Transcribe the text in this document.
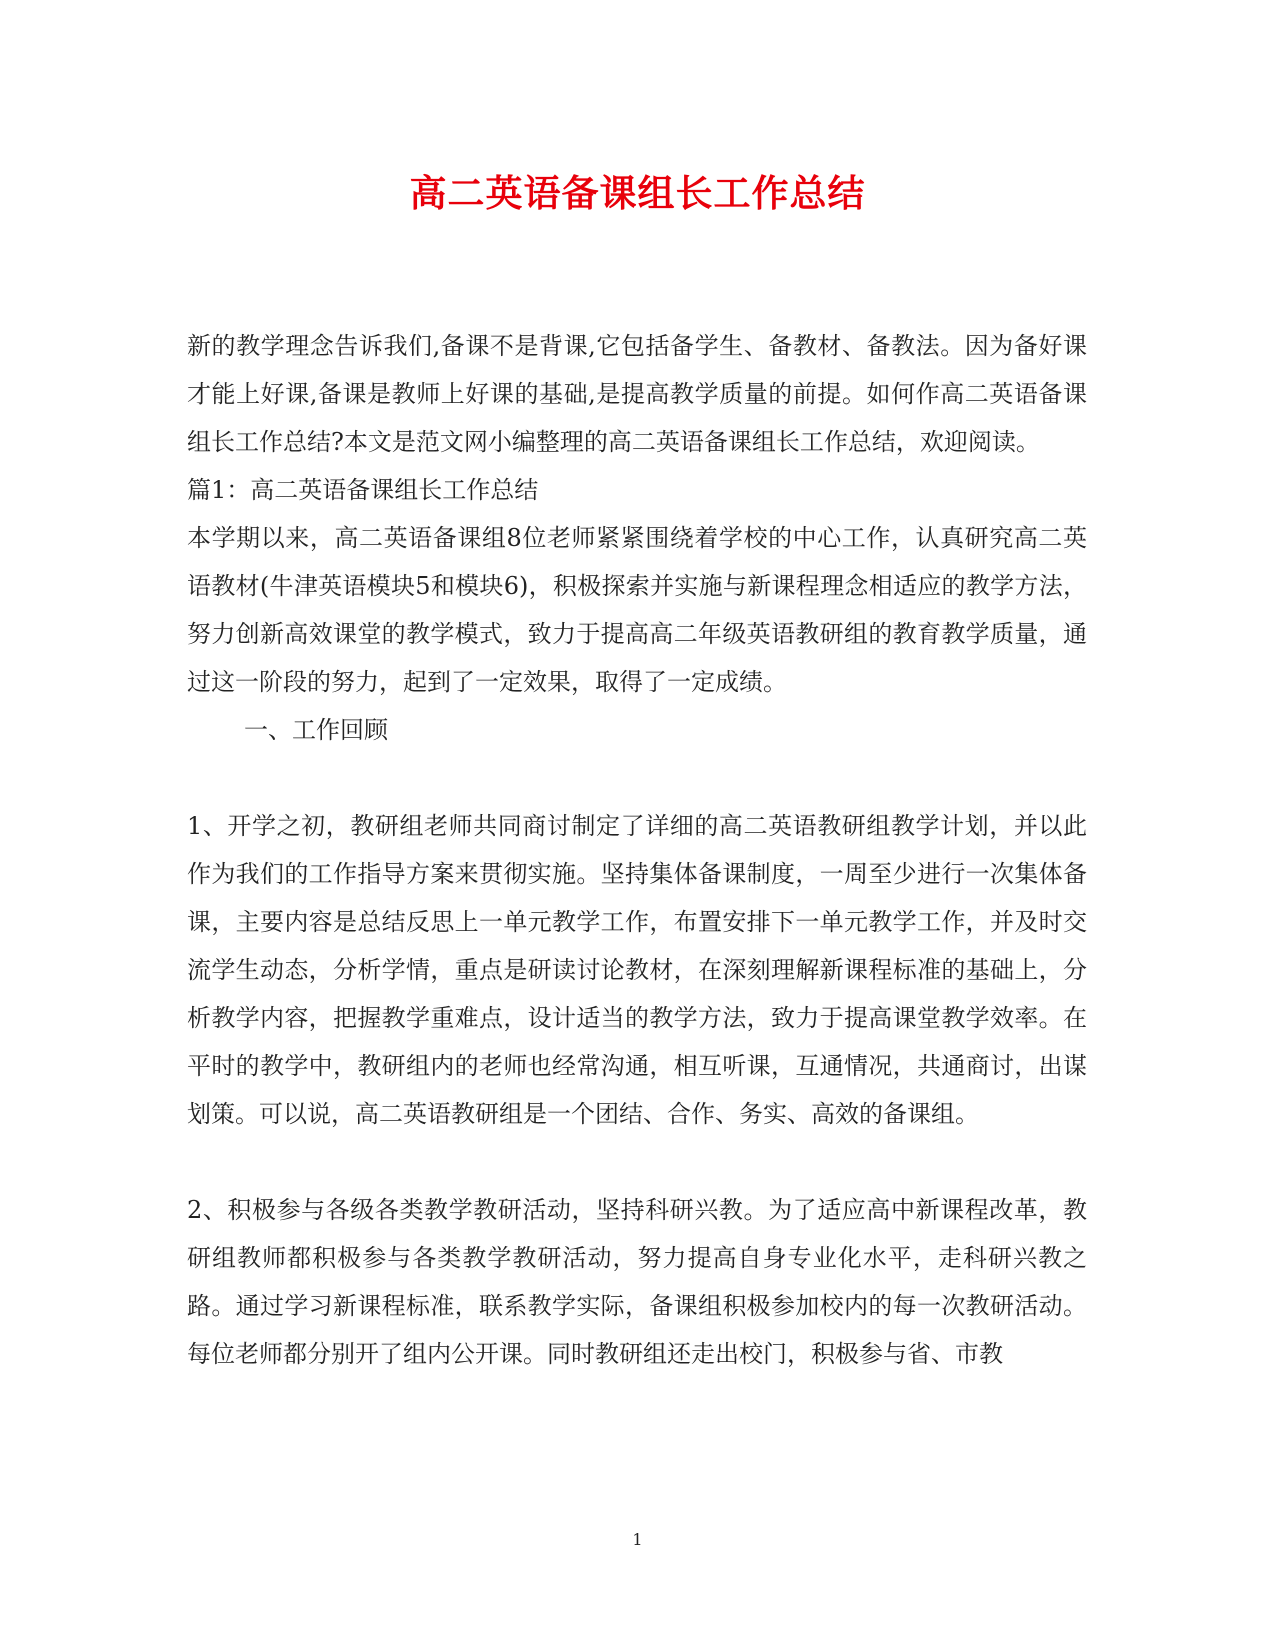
高二英语备课组长工作总结

新的教学理念告诉我们,备课不是背课,它包括备学生、备教材、备教法。因为备好课才能上好课,备课是教师上好课的基础,是提高教学质量的前提。如何作高二英语备课组长工作总结?本文是范文网小编整理的高二英语备课组长工作总结，欢迎阅读。

篇1：高二英语备课组长工作总结

本学期以来，高二英语备课组8位老师紧紧围绕着学校的中心工作，认真研究高二英语教材(牛津英语模块5和模块6)，积极探索并实施与新课程理念相适应的教学方法，努力创新高效课堂的教学模式，致力于提高高二年级英语教研组的教育教学质量，通过这一阶段的努力，起到了一定效果，取得了一定成绩。

一、工作回顾

1、开学之初，教研组老师共同商讨制定了详细的高二英语教研组教学计划，并以此作为我们的工作指导方案来贯彻实施。坚持集体备课制度，一周至少进行一次集体备课，主要内容是总结反思上一单元教学工作，布置安排下一单元教学工作，并及时交流学生动态，分析学情，重点是研读讨论教材，在深刻理解新课程标准的基础上，分析教学内容，把握教学重难点，设计适当的教学方法，致力于提高课堂教学效率。在平时的教学中，教研组内的老师也经常沟通，相互听课，互通情况，共通商讨，出谋划策。可以说，高二英语教研组是一个团结、合作、务实、高效的备课组。

2、积极参与各级各类教学教研活动，坚持科研兴教。为了适应高中新课程改革，教研组教师都积极参与各类教学教研活动，努力提高自身专业化水平，走科研兴教之路。通过学习新课程标准，联系教学实际，备课组积极参加校内的每一次教研活动。每位老师都分别开了组内公开课。同时教研组还走出校门，积极参与省、市教

1
